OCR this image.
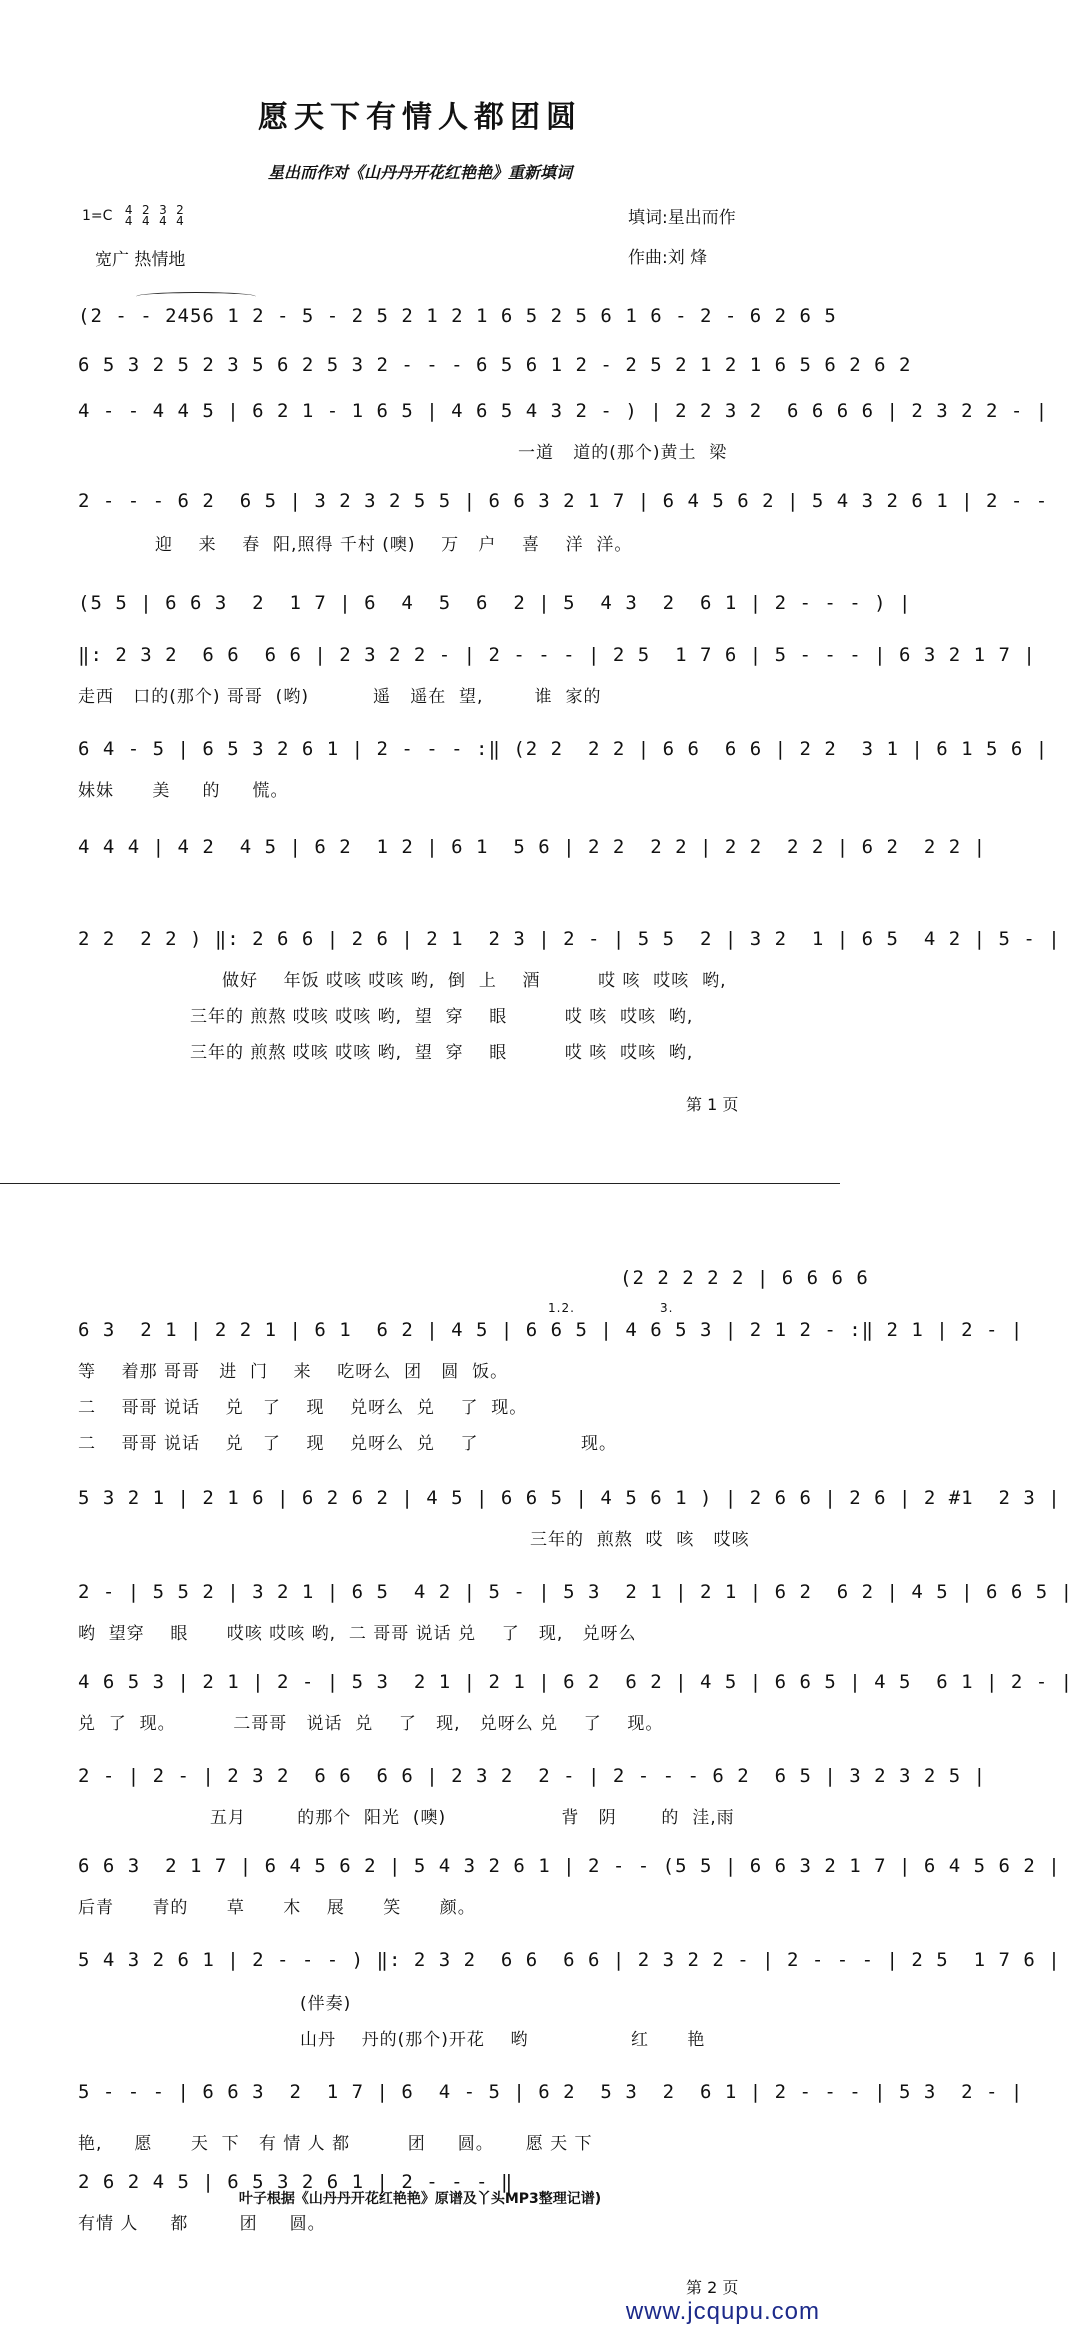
愿天下有情人都团圆
星出而作对《山丹丹开花红艳艳》重新填词
1=C 4
4

2
4

3
4

2
4	填词:星出而作
作曲:刘 烽
宽广 热情地
(2 - - 2456 1 2 - 5 - 2 5 2 1 2 1 6 5 2 5 6 1 6 - 2 - 6 2 6 5
6 5 3 2 5 2 3 5 6 2 5 3 2 - - - 6 5 6 1 2 - 2 5 2 1 2 1 6 5 6 2 6 2
4 - - 4 4 5 | 6 2 1 - 1 6 5 | 4 6 5 4 3 2 - ) | 2 2 3 2  6 6 6 6 | 2 3 2 2 - |
一道   道的(那个)黄土  梁
2 - - - 6 2  6 5 | 3 2 3 2 5 5 | 6 6 3 2 1 7 | 6 4 5 6 2 | 5 4 3 2 6 1 | 2 - -
迎    来    春  阳,照得 千村 (噢)    万   户    喜    洋  洋。
(5 5 | 6 6 3  2  1 7 | 6  4  5  6  2 | 5  4 3  2  6 1 | 2 - - - ) |
‖: 2 3 2  6 6  6 6 | 2 3 2 2 - | 2 - - - | 2 5  1 7 6 | 5 - - - | 6 3 2 1 7 |
走西   口的(那个) 哥哥  (哟)          遥   遥在  望,        谁  家的
6 4 - 5 | 6 5 3 2 6 1 | 2 - - - :‖ (2 2  2 2 | 6 6  6 6 | 2 2  3 1 | 6 1 5 6 |
妹妹      美     的     慌。
4 4 4 | 4 2  4 5 | 6 2  1 2 | 6 1  5 6 | 2 2  2 2 | 2 2  2 2 | 6 2  2 2 |
2 2  2 2 ) ‖: 2 6 6 | 2 6 | 2 1  2 3 | 2 - | 5 5  2 | 3 2  1 | 6 5  4 2 | 5 - |
做好    年饭 哎咳 哎咳 哟,  倒  上    酒         哎 咳  哎咳  哟,
三年的 煎熬 哎咳 哎咳 哟,  望  穿    眼         哎 咳  哎咳  哟,
三年的 煎熬 哎咳 哎咳 哟,  望  穿    眼         哎 咳  哎咳  哟,
第 1 页
(2 2 2 2 2 | 6 6 6 6
1.2.	3.
6 3  2 1 | 2 2 1 | 6 1  6 2 | 4 5 | 6 6 5 | 4 6 5 3 | 2 1 2 - :‖ 2 1 | 2 - |
等    着那 哥哥   进  门    来    吃呀么  团   圆  饭。
二    哥哥 说话    兑   了    现    兑呀么  兑    了  现。
二    哥哥 说话    兑   了    现    兑呀么  兑    了                现。
5 3 2 1 | 2 1 6 | 6 2 6 2 | 4 5 | 6 6 5 | 4 5 6 1 ) | 2 6 6 | 2 6 | 2 #1  2 3 |
三年的  煎熬  哎  咳   哎咳
2 - | 5 5 2 | 3 2 1 | 6 5  4 2 | 5 - | 5 3  2 1 | 2 1 | 6 2  6 2 | 4 5 | 6 6 5 |
哟  望穿    眼      哎咳 哎咳 哟,  二 哥哥 说话 兑    了   现,   兑呀么
4 6 5 3 | 2 1 | 2 - | 5 3  2 1 | 2 1 | 6 2  6 2 | 4 5 | 6 6 5 | 4 5  6 1 | 2 - |
兑  了  现。         二哥哥   说话  兑    了   现,   兑呀么 兑    了    现。
2 - | 2 - | 2 3 2  6 6  6 6 | 2 3 2  2 - | 2 - - - 6 2  6 5 | 3 2 3 2 5 |
五月        的那个  阳光  (噢)                  背   阴       的  洼,雨
6 6 3  2 1 7 | 6 4 5 6 2 | 5 4 3 2 6 1 | 2 - - (5 5 | 6 6 3 2 1 7 | 6 4 5 6 2 |
后青      青的      草      木    展      笑      颜。
5 4 3 2 6 1 | 2 - - - ) ‖: 2 3 2  6 6  6 6 | 2 3 2 2 - | 2 - - - | 2 5  1 7 6 |
(伴奏)
山丹    丹的(那个)开花    哟                红      艳
5 - - - | 6 6 3  2  1 7 | 6  4 - 5 | 6 2  5 3  2  6 1 | 2 - - - | 5 3  2 - |
艳,     愿      天  下   有 情 人 都         团     圆。     愿 天 下
2 6 2 4 5 | 6 5 3 2 6 1 | 2 - - - ‖
有情 人     都        团     圆。
第 2 页
叶子根据《山丹丹开花红艳艳》原谱及丫头MP3整理记谱)
www.jcqupu.com
